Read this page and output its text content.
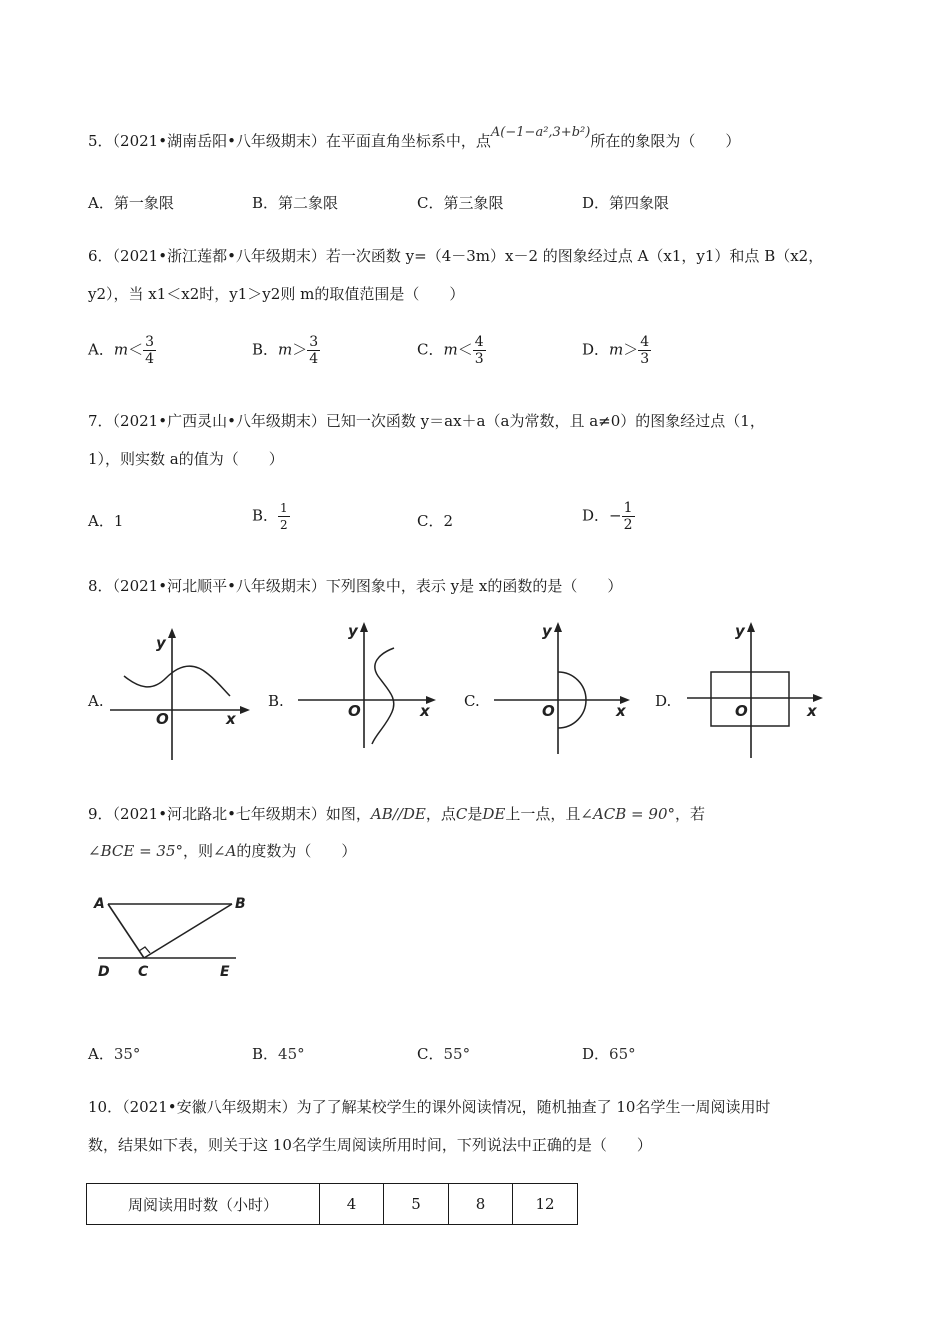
5．（2021•湖南岳阳•八年级期末）在平面直角坐标系中，点A(−1−a²,3+b²)所在的象限为（　　）
A．第一象限	B．第二象限	C．第三象限	D．第四象限
6．（2021•浙江莲都•八年级期末）若一次函数 y=（4－3m）x－2 的图象经过点 A（x1，y1）和点 B（x2，
y2），当 x1＜x2时，y1＞y2则 m的取值范围是（　　）
A．$m< \frac{3}{4}$	B．$m> \frac{3}{4}$	C．$m< \frac{4}{3}$	D．$m> \frac{4}{3}$
7．（2021•广西灵山•八年级期末）已知一次函数 y＝ax＋a（a为常数，且 a≠0）的图象经过点（1，
1），则实数 a的值为（　　）
A．1	B． $\frac{1}{2}$	C．2	D．− $\frac{1}{2}$
8．（2021•河北顺平•八年级期末）下列图象中，表示 y是 x的函数的是（　　）
A.	B.	C.	D.
y
x
O
y
x
O
y
x
O
y
x
O
9．（2021•河北路北•七年级期末）如图，AB//DE，点C是DE上一点，且∠ACB = 90°，若
∠BCE = 35°，则∠A的度数为（　　）
A	B
C
D	E
A．35°	B．45°	C．55°	D．65°
10．（2021•安徽八年级期末）为了了解某校学生的课外阅读情况，随机抽查了 10名学生一周阅读用时
数，结果如下表，则关于这 10名学生周阅读所用时间，下列说法中正确的是（　　）
周阅读用时数（小时）	4	5	8	12
